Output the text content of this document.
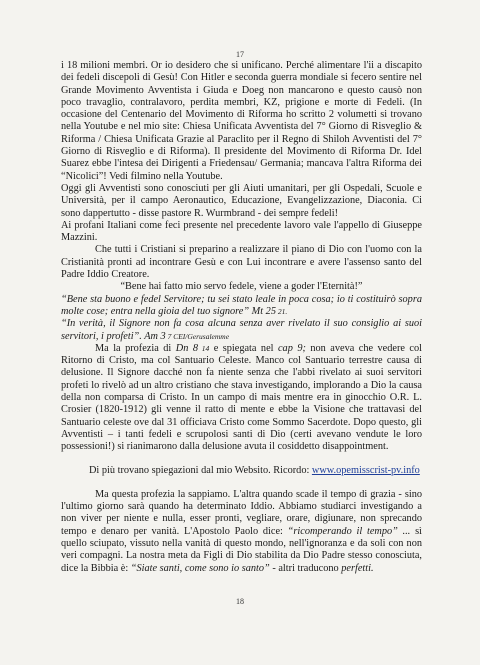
17

i 18 milioni membri. Or io desidero che si unificano. Perché alimentare l'ii a discapito dei fedeli discepoli di Gesù! Con Hitler e seconda guerra mondiale si fecero sentire nel Grande Movimento Avventista i Giuda e Doeg non mancarono e questo causò non poco travaglio, contralavoro, perdita membri, KZ, prigione e morte di Fedeli. (In occasione del Centenario del Movimento di Riforma ho scritto 2 volumetti si trovano nella Youtube e nel mio site: Chiesa Unificata Avventista del 7° Giorno di Risveglio & Riforma / Chiesa Unificata Grazie al Paraclito per il Regno di Shiloh Avventisti del 7° Giorno di Risveglio e di Riforma). Il presidente del Movimento di Riforma Dr. Idel Suarez ebbe l'intesa dei Dirigenti a Friedensau/ Germania; mancava l'altra Riforma dei “Nicolici”! Vedi filmino nella Youtube.

Oggi gli Avventisti sono conosciuti per gli Aiuti umanitari, per gli Ospedali, Scuole e Università, per il campo Aeronautico, Educazione, Evangelizzazione, Diaconia. Ci sono dappertutto - disse pastore R. Wurmbrand - dei sempre fedeli!

Ai profani Italiani come feci presente nel precedente lavoro vale l'appello di Giuseppe Mazzini.

Che tutti i Cristiani si preparino a realizzare il piano di Dio con l'uomo con la Cristianità pronti ad incontrare Gesù e con Lui incontrare e avere l'assenso santo del Padre Iddio Creatore.

“Bene hai fatto mio servo fedele, viene a goder l'Eternità!”

“Bene sta buono e fedel Servitore; tu sei stato leale in poca cosa; io ti costituirò sopra molte cose; entra nella gioia del tuo signore” Mt 25 21.

“In verità, il Signore non fa cosa alcuna senza aver rivelato il suo consiglio ai suoi servitori, i profeti”. Am 3 7 CEI/Gerusalemme

Ma la profezia di Dn 8 14 e spiegata nel cap 9; non aveva che vedere col Ritorno di Cristo, ma col Santuario Celeste. Manco col Santuario terrestre causa di delusione. Il Signore dacché non fa niente senza che l'abbi rivelato ai suoi servitori profeti lo rivelò ad un altro cristiano che stava investigando, implorando a Dio la causa della non comparsa di Cristo. In un campo di mais mentre era in ginocchio O.R. L. Crosier (1820-1912) gli venne il ratto di mente e ebbe la Visione che trattavasi del Santuario celeste ove dal 31 officiava Cristo come Sommo Sacerdote. Dopo questo, gli Avventisti – i tanti fedeli e scrupolosi santi di Dio (certi avevano vendute le loro possessioni!) si rianimarono dalla delusione avuta il cosiddetto disappointment.

Di più trovano spiegazioni dal mio Websito. Ricordo: www.opemisscrist-pv.info

Ma questa profezia la sappiamo. L'altra quando scade il tempo di grazia - sino l'ultimo giorno sarà quando ha determinato Iddio. Abbiamo studiarci investigando a non viver per niente e nulla, esser pronti, vegliare, orare, digiunare, non sprecando tempo e denaro per vanità. L'Apostolo Paolo dice: “ricomperando il tempo” ... sì quello sciupato, vissuto nella vanità di questo mondo, nell'ignoranza e da soli con non veri compagni. La nostra meta da Figli di Dio stabilita da Dio Padre stesso conosciuta, dice la Bibbia è: “Siate santi, come sono io santo” - altri traducono perfetti.

18
